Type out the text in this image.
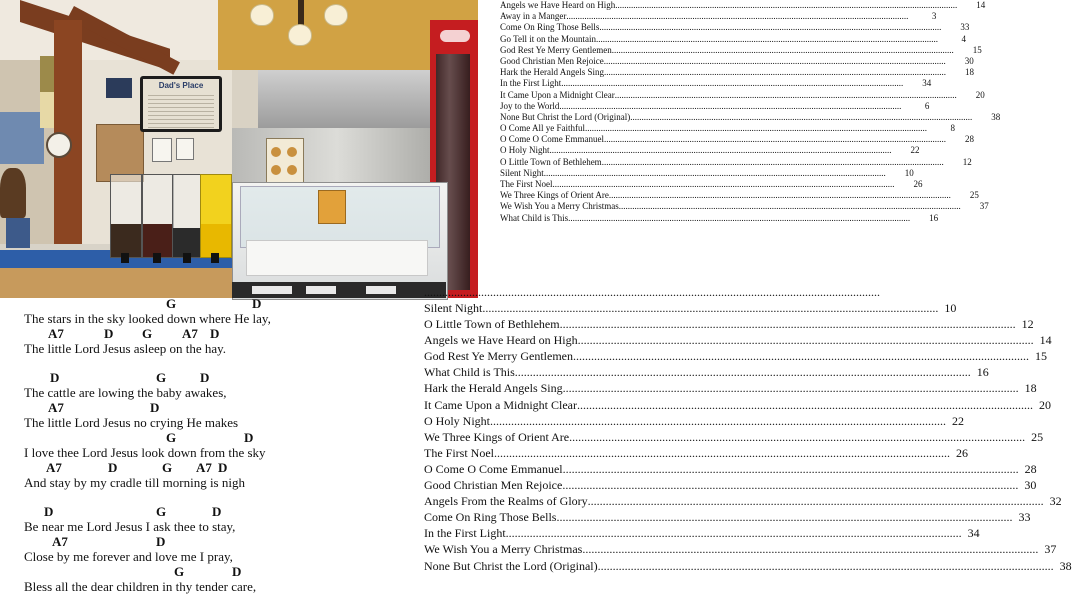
Dad's Place
Angels we Have Heard on High ........................................................................................................................................................	14
Away in a Manger ........................................................................................................................................................	3
Come On Ring Those Bells ........................................................................................................................................................	33
Go Tell it on the Mountain ........................................................................................................................................................	4
God Rest Ye Merry Gentlemen ........................................................................................................................................................	15
Good Christian Men Rejoice ........................................................................................................................................................	30
Hark the Herald Angels Sing ........................................................................................................................................................	18
In the First Light ........................................................................................................................................................	34
It Came Upon a Midnight Clear ........................................................................................................................................................	20
Joy to the World ........................................................................................................................................................	6
None But Christ the Lord (Original) ........................................................................................................................................................	38
O Come All ye Faithful ........................................................................................................................................................	8
O Come O Come Emmanuel ........................................................................................................................................................	28
O Holy Night ........................................................................................................................................................	22
O Little Town of Bethlehem ........................................................................................................................................................	12
Silent Night ........................................................................................................................................................	10
The First Noel ........................................................................................................................................................	26
We Three Kings of Orient Are ........................................................................................................................................................	25
We Wish You a Merry Christmas ........................................................................................................................................................	37
What Child is This ........................................................................................................................................................	16
........................................................................................................................................................
Silent Night ........................................................................................................................................................ 10
O Little Town of Bethlehem ........................................................................................................................................................ 12
Angels we Have Heard on High ........................................................................................................................................................ 14
God Rest Ye Merry Gentlemen ........................................................................................................................................................ 15
What Child is This ........................................................................................................................................................ 16
Hark the Herald Angels Sing ........................................................................................................................................................ 18
It Came Upon a Midnight Clear ........................................................................................................................................................ 20
O Holy Night ........................................................................................................................................................ 22
We Three Kings of Orient Are ........................................................................................................................................................ 25
The First Noel ........................................................................................................................................................ 26
O Come O Come Emmanuel ........................................................................................................................................................ 28
Good Christian Men Rejoice ........................................................................................................................................................ 30
Angels From the Realms of Glory ........................................................................................................................................................ 32
Come On Ring Those Bells ........................................................................................................................................................ 33
In the First Light ........................................................................................................................................................ 34
We Wish You a Merry Christmas ........................................................................................................................................................ 37
None But Christ the Lord (Original) ........................................................................................................................................................ 38
G	D
The stars in the sky looked down where He lay,
A7	D G A7 D
The little Lord Jesus asleep on the hay.
D	G	D
The cattle are lowing the baby awakes,
A7	D
The little Lord Jesus no crying He makes
G	D
I love thee Lord Jesus look down from the sky
A7	D	G A7 D
And stay by my cradle till morning is nigh
D	G	D
Be near me Lord Jesus I ask thee to stay,
A7	D
Close by me forever and love me I pray,
G	D
Bless all the dear children in thy tender care,
